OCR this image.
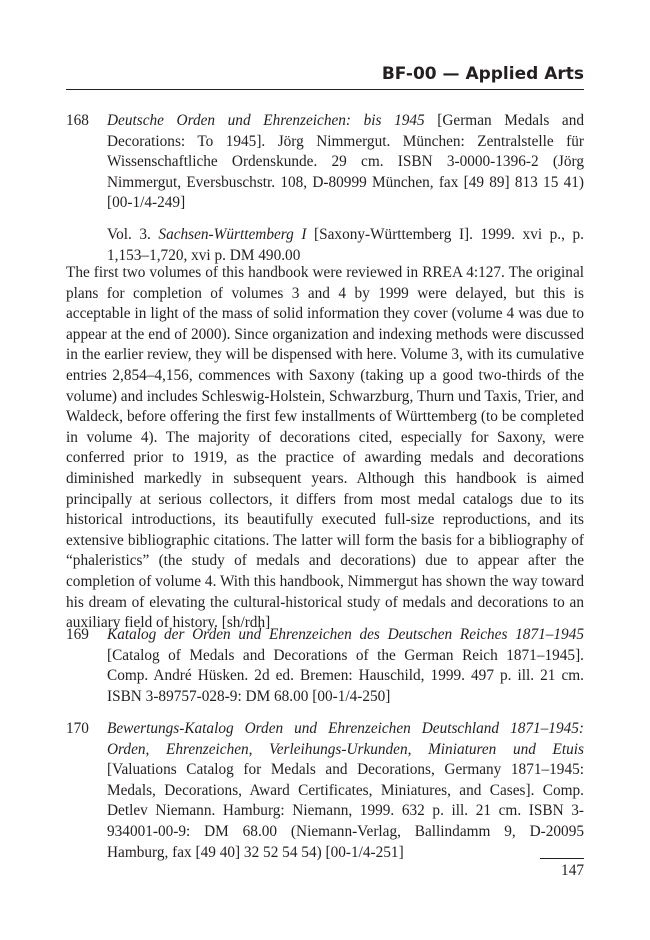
BF-00 — Applied Arts
168	Deutsche Orden und Ehrenzeichen: bis 1945 [German Medals and Decorations: To 1945]. Jörg Nimmergut. München: Zentralstelle für Wissenschaftliche Ordenskunde. 29 cm. ISBN 3-0000-1396-2 (Jörg Nimmergut, Eversbuschstr. 108, D-80999 München, fax [49 89] 813 15 41) [00-1/4-249]
Vol. 3. Sachsen-Württemberg I [Saxony-Württemberg I]. 1999. xvi p., p. 1,153–1,720, xvi p. DM 490.00
The first two volumes of this handbook were reviewed in RREA 4:127. The original plans for completion of volumes 3 and 4 by 1999 were delayed, but this is acceptable in light of the mass of solid information they cover (volume 4 was due to appear at the end of 2000). Since organization and indexing methods were discussed in the earlier review, they will be dispensed with here. Volume 3, with its cumulative entries 2,854–4,156, commences with Saxony (taking up a good two-thirds of the volume) and includes Schleswig-Holstein, Schwarzburg, Thurn und Taxis, Trier, and Waldeck, before offering the first few installments of Württemberg (to be completed in volume 4). The majority of decorations cited, especially for Saxony, were conferred prior to 1919, as the practice of awarding medals and decorations diminished markedly in subsequent years. Although this handbook is aimed principally at serious collectors, it differs from most medal catalogs due to its historical introductions, its beautifully executed full-size reproductions, and its extensive bibliographic citations. The latter will form the basis for a bibliography of “phaleristics” (the study of medals and decorations) due to appear after the completion of volume 4. With this handbook, Nimmergut has shown the way toward his dream of elevating the cultural-historical study of medals and decorations to an auxiliary field of history. [sh/rdh]
169	Katalog der Orden und Ehrenzeichen des Deutschen Reiches 1871–1945 [Catalog of Medals and Decorations of the German Reich 1871–1945]. Comp. André Hüsken. 2d ed. Bremen: Hauschild, 1999. 497 p. ill. 21 cm. ISBN 3-89757-028-9: DM 68.00 [00-1/4-250]
170	Bewertungs-Katalog Orden und Ehrenzeichen Deutschland 1871–1945: Orden, Ehrenzeichen, Verleihungs-Urkunden, Miniaturen und Etuis [Valuations Catalog for Medals and Decorations, Germany 1871–1945: Medals, Decorations, Award Certificates, Miniatures, and Cases]. Comp. Detlev Niemann. Hamburg: Niemann, 1999. 632 p. ill. 21 cm. ISBN 3-934001-00-9: DM 68.00 (Niemann-Verlag, Ballindamm 9, D-20095 Hamburg, fax [49 40] 32 52 54 54) [00-1/4-251]
147
